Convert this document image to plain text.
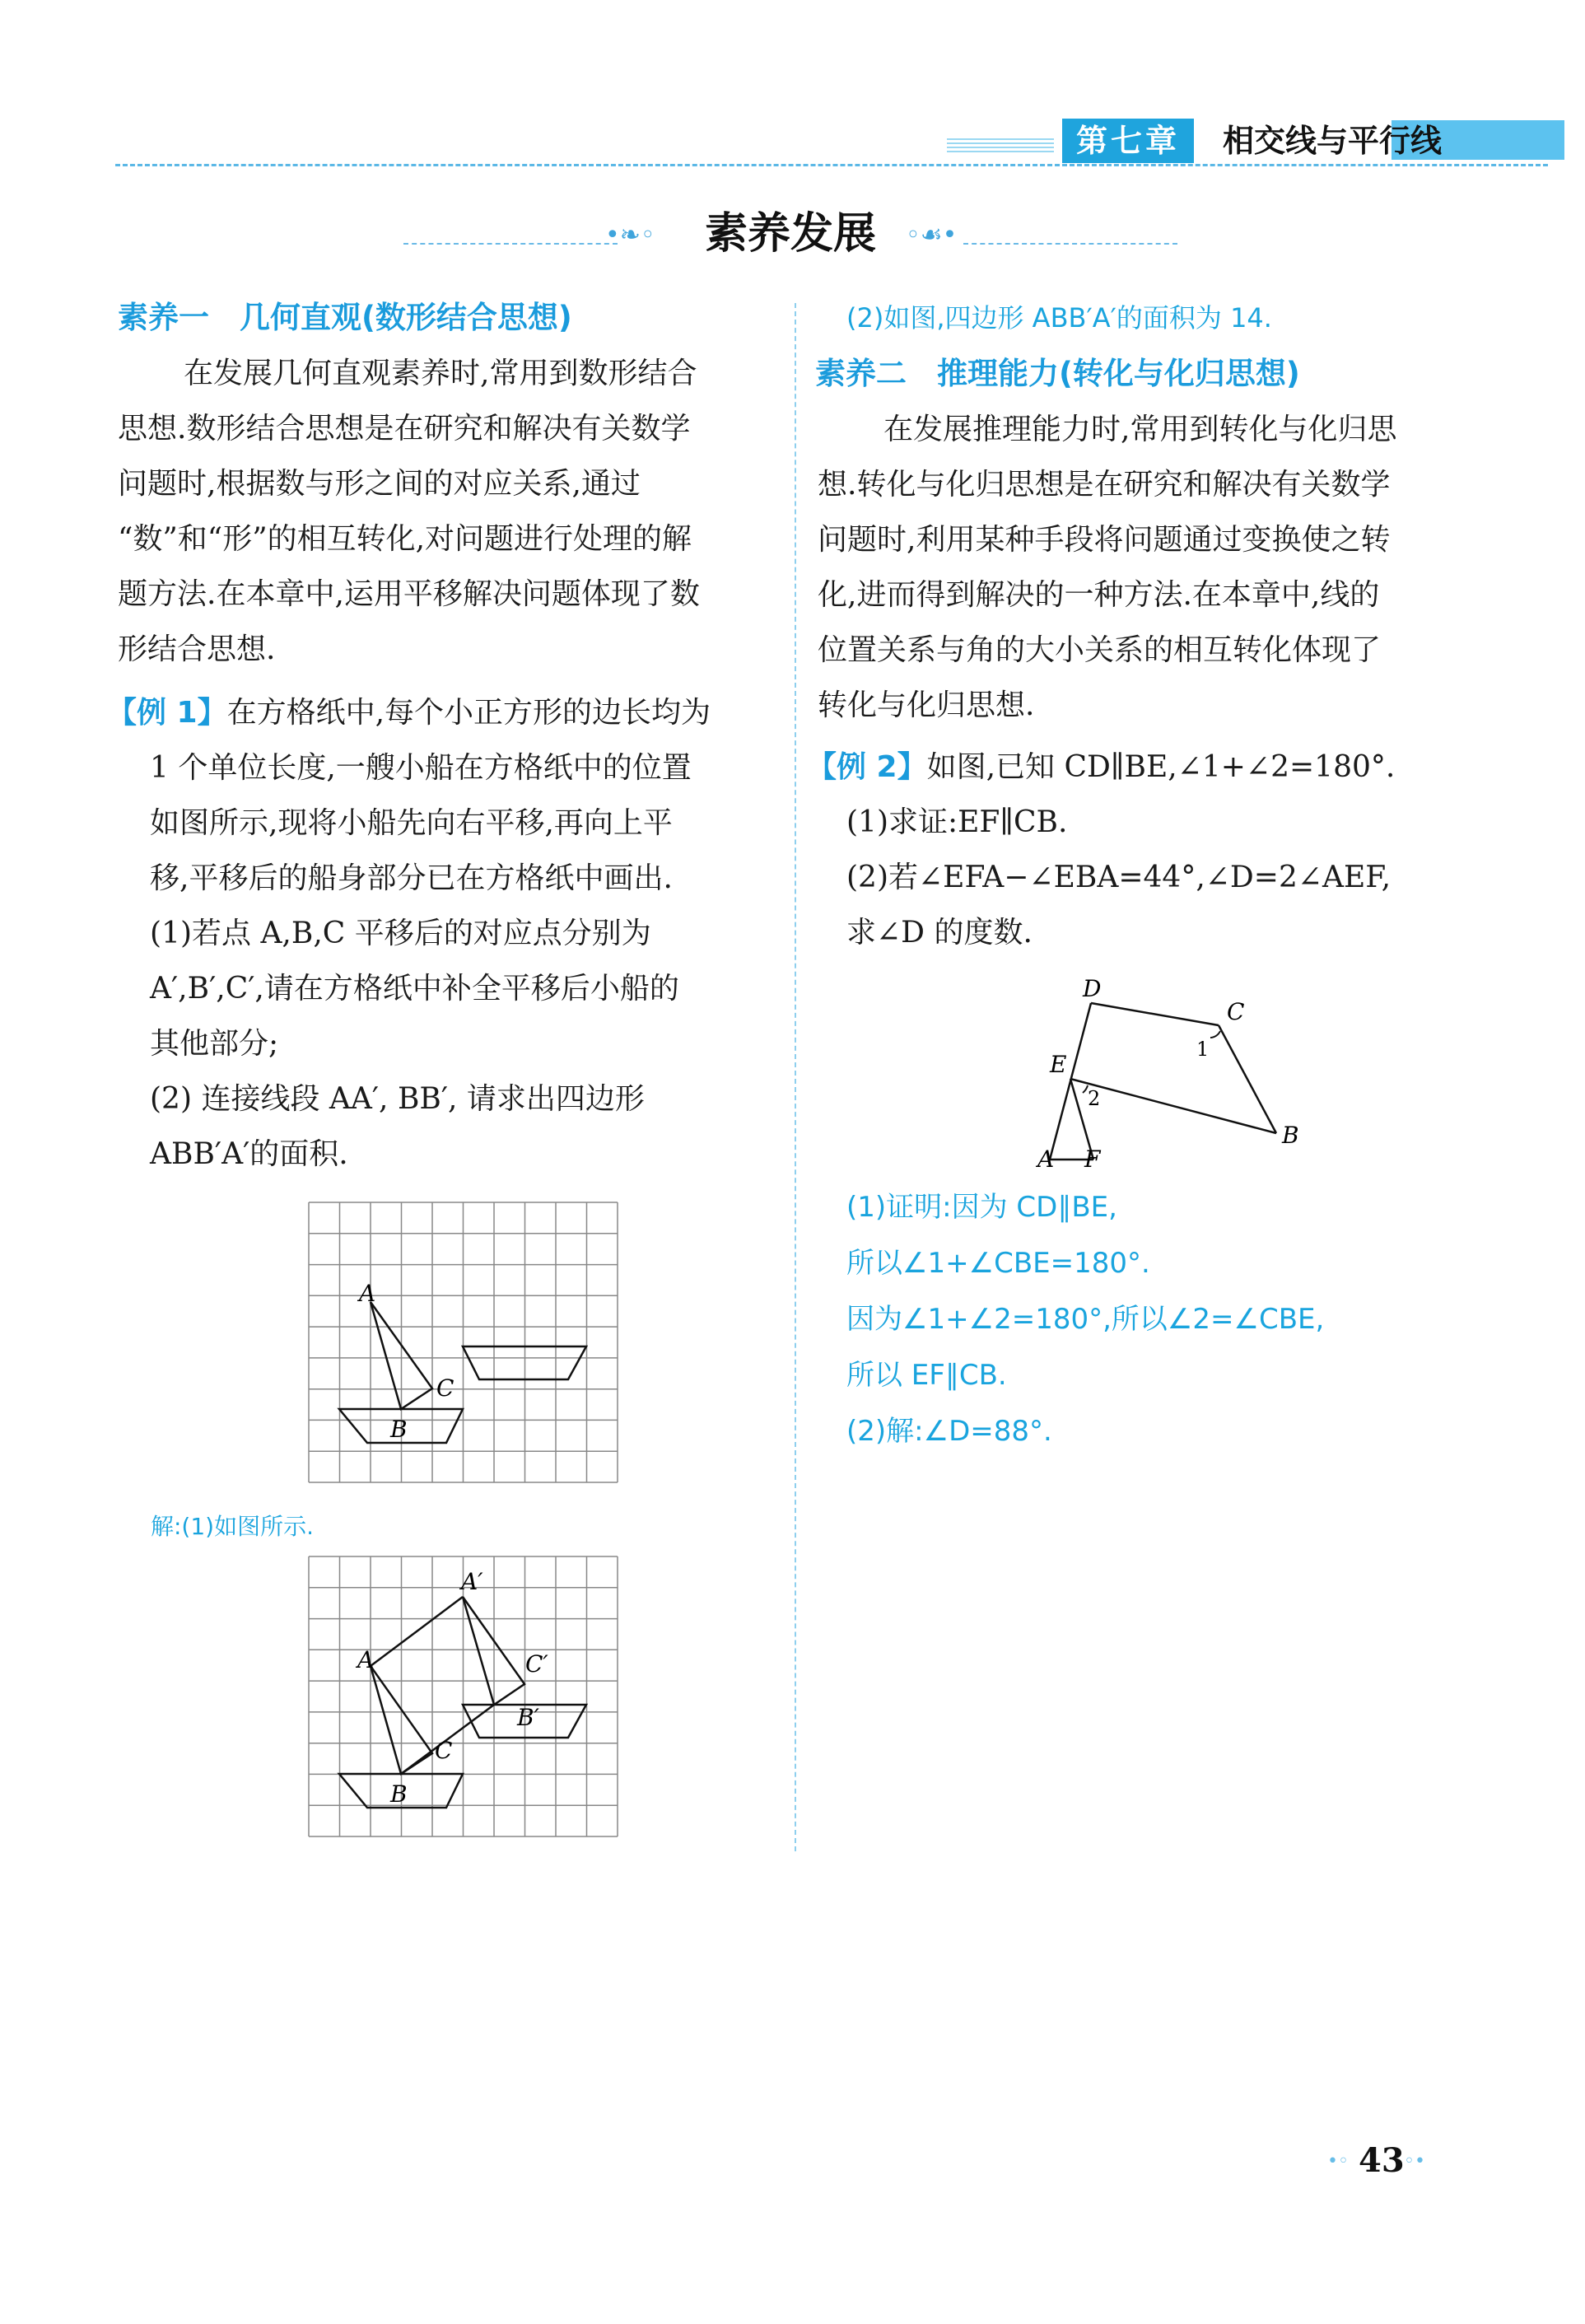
第七章	相交线与平行线
•❧◦	◦☙•
素养发展
素养一　几何直观(数形结合思想)
在发展几何直观素养时,常用到数形结合
思想.数形结合思想是在研究和解决有关数学
问题时,根据数与形之间的对应关系,通过
“数”和“形”的相互转化,对问题进行处理的解
题方法.在本章中,运用平移解决问题体现了数
形结合思想.
【例 1】在方格纸中,每个小正方形的边长均为
1 个单位长度,一艘小船在方格纸中的位置
如图所示,现将小船先向右平移,再向上平
移,平移后的船身部分已在方格纸中画出.
(1)若点 A,B,C 平移后的对应点分别为
A′,B′,C′,请在方格纸中补全平移后小船的
其他部分;
(2) 连接线段 AA′, BB′, 请求出四边形
ABB′A′的面积.
A
C
B
解:(1)如图所示.
A
C
B
A′
C′
B′
(2)如图,四边形 ABB′A′的面积为 14.
素养二　推理能力(转化与化归思想)
在发展推理能力时,常用到转化与化归思
想.转化与化归思想是在研究和解决有关数学
问题时,利用某种手段将问题通过变换使之转
化,进而得到解决的一种方法.在本章中,线的
位置关系与角的大小关系的相互转化体现了
转化与化归思想.
【例 2】如图,已知 CD∥BE,∠1+∠2=180°.
(1)求证:EF∥CB.
(2)若∠EFA−∠EBA=44°,∠D=2∠AEF,
求∠D 的度数.
D
C
E
A F
B
1
2
(1)证明:因为 CD∥BE,
所以∠1+∠CBE=180°.
因为∠1+∠2=180°,所以∠2=∠CBE,
所以 EF∥CB.
(2)解:∠D=88°.
•◦ 43 ◦•
